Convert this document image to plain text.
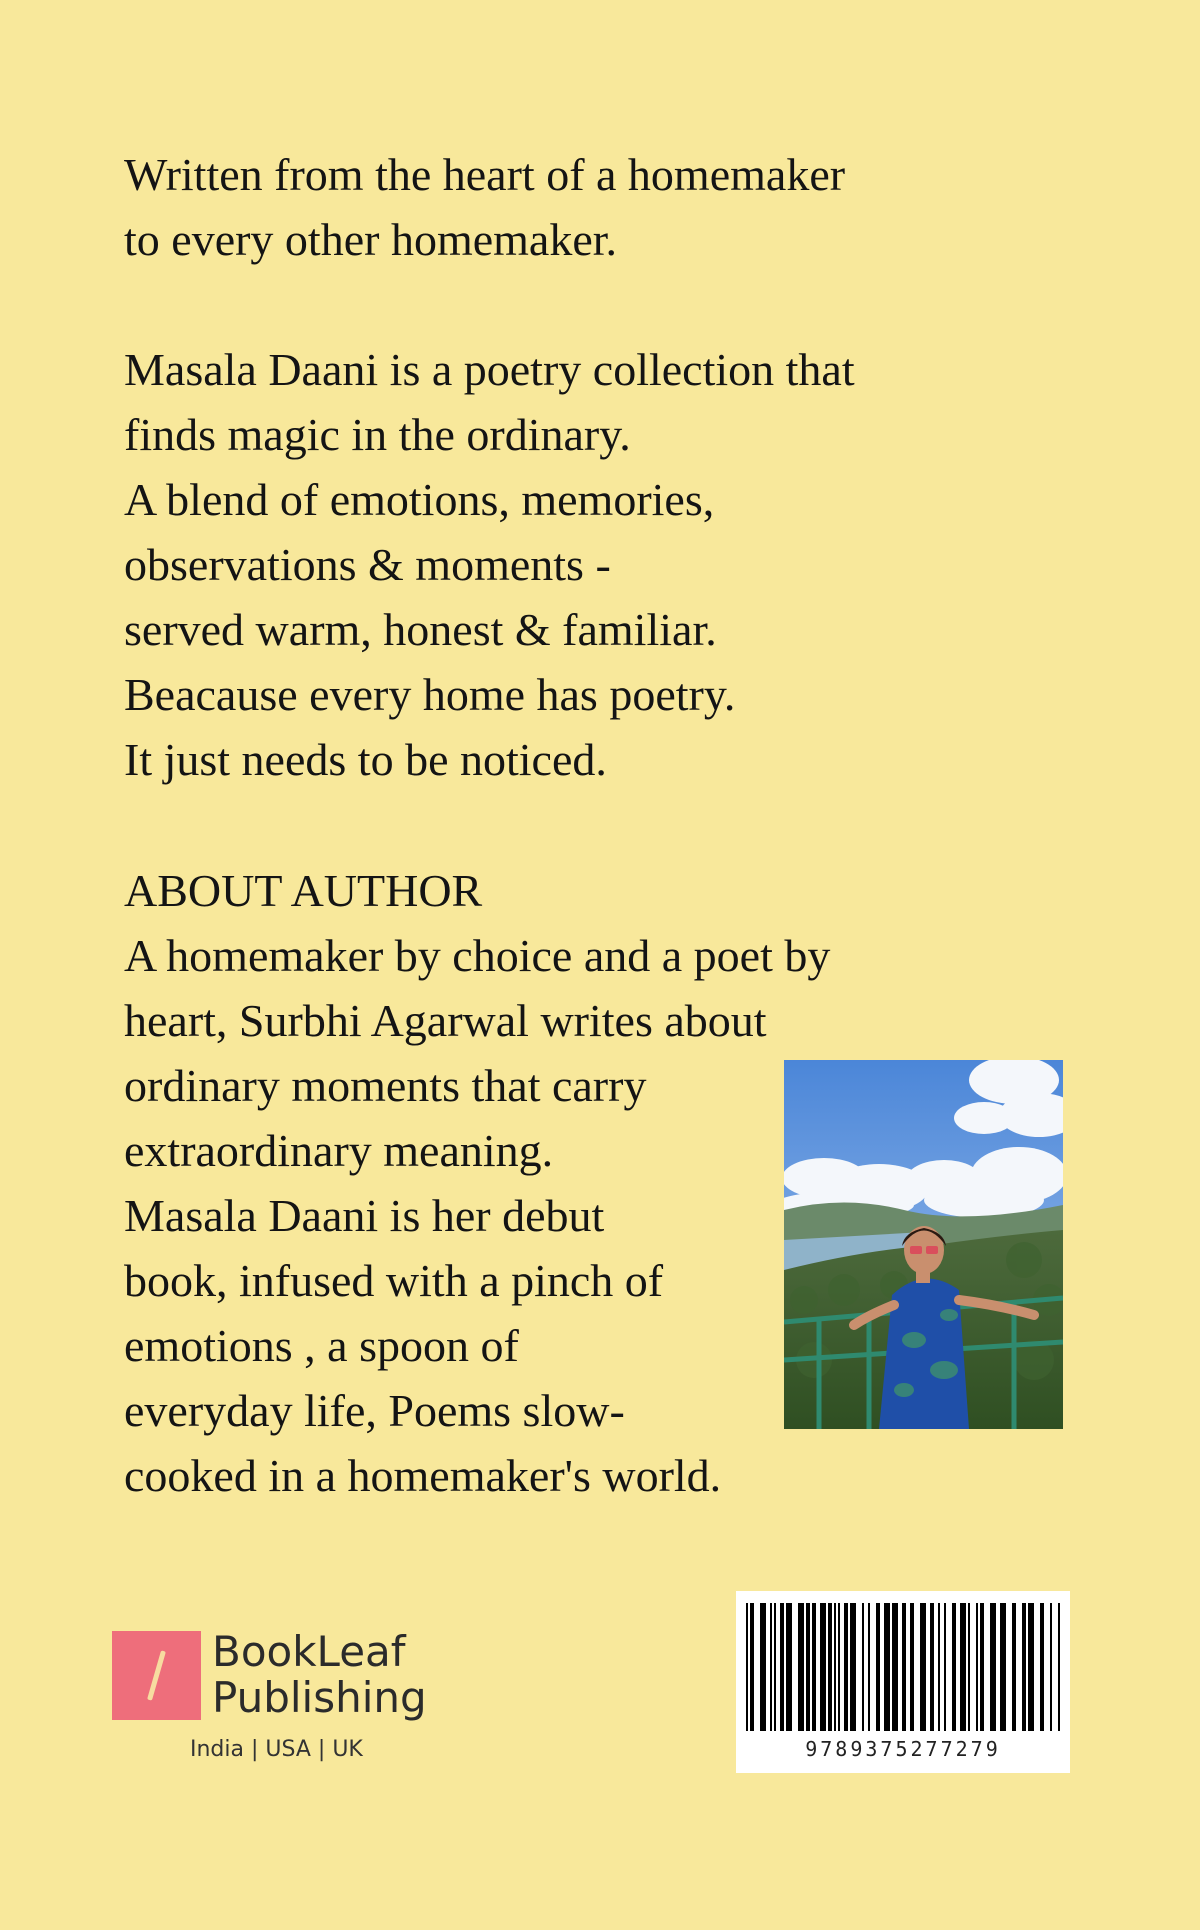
Written from the heart of a homemaker
to every other homemaker.
Masala Daani is a poetry collection that
finds magic in the ordinary.
A blend of emotions, memories,
observations & moments -
served warm, honest & familiar.
Beacause every home has poetry.
It just needs to be noticed.
ABOUT AUTHOR
A homemaker by choice and a poet by
heart, Surbhi Agarwal writes about
ordinary moments that carry
extraordinary meaning.
Masala Daani is her debut
book, infused with a pinch of
emotions , a spoon of
everyday life, Poems slow-
cooked in a homemaker's world.
BookLeaf
Publishing
India | USA | UK	9789375277279
